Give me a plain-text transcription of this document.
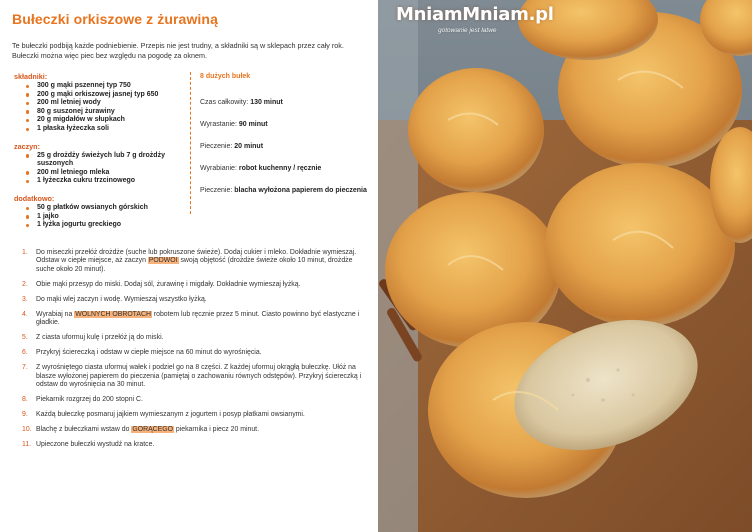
Bułeczki orkiszowe z żurawiną
Te bułeczki podbiją każde podniebienie. Przepis nie jest trudny, a składniki są w sklepach przez cały rok. Bułeczki można więc piec bez względu na pogodę za oknem.
składniki:
300 g mąki pszennej typ 750
200 g mąki orkiszowej jasnej typ 650
200 ml letniej wody
80 g suszonej żurawiny
20 g migdałów w słupkach
1 płaska łyżeczka soli
zaczyn:
25 g drożdży świeżych lub 7 g drożdży suszonych
200 ml letniego mleka
1 łyżeczka cukru trzcinowego
dodatkowo:
50 g płatków owsianych górskich
1 jajko
1 łyżka jogurtu greckiego
8 dużych bułek
Czas całkowity: 130 minut
Wyrastanie: 90 minut
Pieczenie: 20 minut
Wyrabianie: robot kuchenny / ręcznie
Pieczenie: blacha wyłożona papierem do pieczenia
1. Do miseczki przełóż drożdże (suche lub pokruszone świeże). Dodaj cukier i mleko. Dokładnie wymieszaj. Odstaw w ciepłe miejsce, aż zaczyn PODWOI swoją objętość (drożdże świeże około 10 minut, drożdże suche około 20 minut).
2. Obie mąki przesyp do miski. Dodaj sól, żurawinę i migdały. Dokładnie wymieszaj łyżką.
3. Do mąki wlej zaczyn i wodę. Wymieszaj wszystko łyżką.
4. Wyrabiaj na WOLNYCH OBROTACH robotem lub ręcznie przez 5 minut. Ciasto powinno być elastyczne i gładkie.
5. Z ciasta uformuj kulę i przełóż ją do miski.
6. Przykryj ściereczką i odstaw w ciepłe miejsce na 60 minut do wyrośnięcia.
7. Z wyrośniętego ciasta uformuj wałek i podziel go na 8 części. Z każdej uformuj okrągłą bułeczkę. Ułóż na blasze wyłożonej papierem do pieczenia (pamiętaj o zachowaniu równych odstępów). Przykryj ściereczką i odstaw do wyrośnięcia na 30 minut.
8. Piekarnik rozgrzej do 200 stopni C.
9. Każdą bułeczkę posmaruj jajkiem wymieszanym z jogurtem i posyp płatkami owsianymi.
10. Blachę z bułeczkami wstaw do GORĄCEGO piekarnika i piecz 20 minut.
11. Upieczone bułeczki wystudź na kratce.
MniamMniam.pl
gotowanie jest łatwe
